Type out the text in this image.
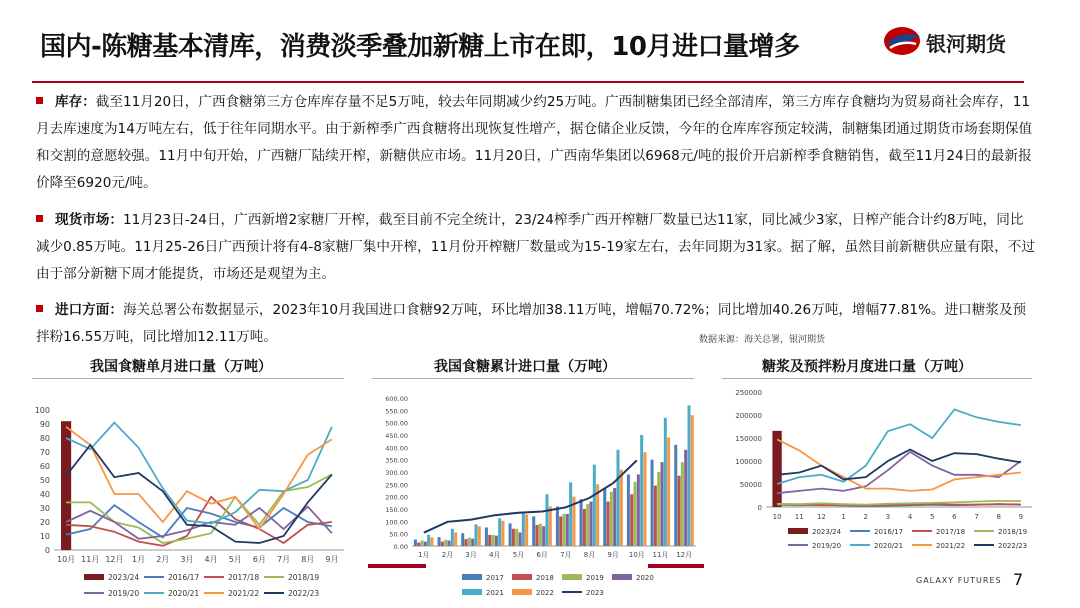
国内-陈糖基本清库，消费淡季叠加新糖上市在即，10月进口量增多	银河期货
库存：截至11月20日，广西食糖第三方仓库库存量不足5万吨，较去年同期减少约25万吨。广西制糖集团已经全部清库，第三方库存食糖均为贸易商社会库存，11月去库速度为14万吨左右，低于往年同期水平。由于新榨季广西食糖将出现恢复性增产，据仓储企业反馈，今年的仓库库容预定较满，制糖集团通过期货市场套期保值和交割的意愿较强。11月中旬开始，广西糖厂陆续开榨，新糖供应市场。11月20日，广西南华集团以6968元/吨的报价开启新榨季食糖销售，截至11月24日的最新报价降至6920元/吨。
现货市场：11月23日-24日，广西新增2家糖厂开榨，截至目前不完全统计，23/24榨季广西开榨糖厂数量已达11家，同比减少3家，日榨产能合计约8万吨，同比减少0.85万吨。11月25-26日广西预计将有4-8家糖厂集中开榨，11月份开榨糖厂数量或为15-19家左右，去年同期为31家。据了解，虽然目前新糖供应量有限，不过由于部分新糖下周才能提货，市场还是观望为主。
进口方面：海关总署公布数据显示，2023年10月我国进口食糖92万吨，环比增加38.11万吨，增幅70.72%；同比增加40.26万吨，增幅77.81%。进口糖浆及预拌粉16.55万吨，同比增加12.11万吨。	数据来源：海关总署，银河期货
我国食糖单月进口量（万吨）	我国食糖累计进口量（万吨）	糖浆及预拌粉月度进口量（万吨）
0
10
20
30
40
50
60
70
80
90
100
10月 11月 12月 1月 2月 3月 4月 5月 6月 7月 8月 9月
2023/24	2016/17	2017/18	2018/19
2019/20	2020/21	2021/22	2022/23
0.00
50.00
100.00
150.00
200.00
250.00
300.00
350.00
400.00
450.00
500.00
550.00
600.00
1月 2月 3月 4月 5月 6月 7月 8月 9月 10月 11月 12月
2017	2018	2019	2020
2021	2022	2023
0
50000
100000
150000
200000
250000
10 11 12 1	2	3	4	5	6	7	8	9
2023/24	2016/17	2017/18	2018/19
2019/20	2020/21	2021/22	2022/23
GALAXY FUTURES 7
